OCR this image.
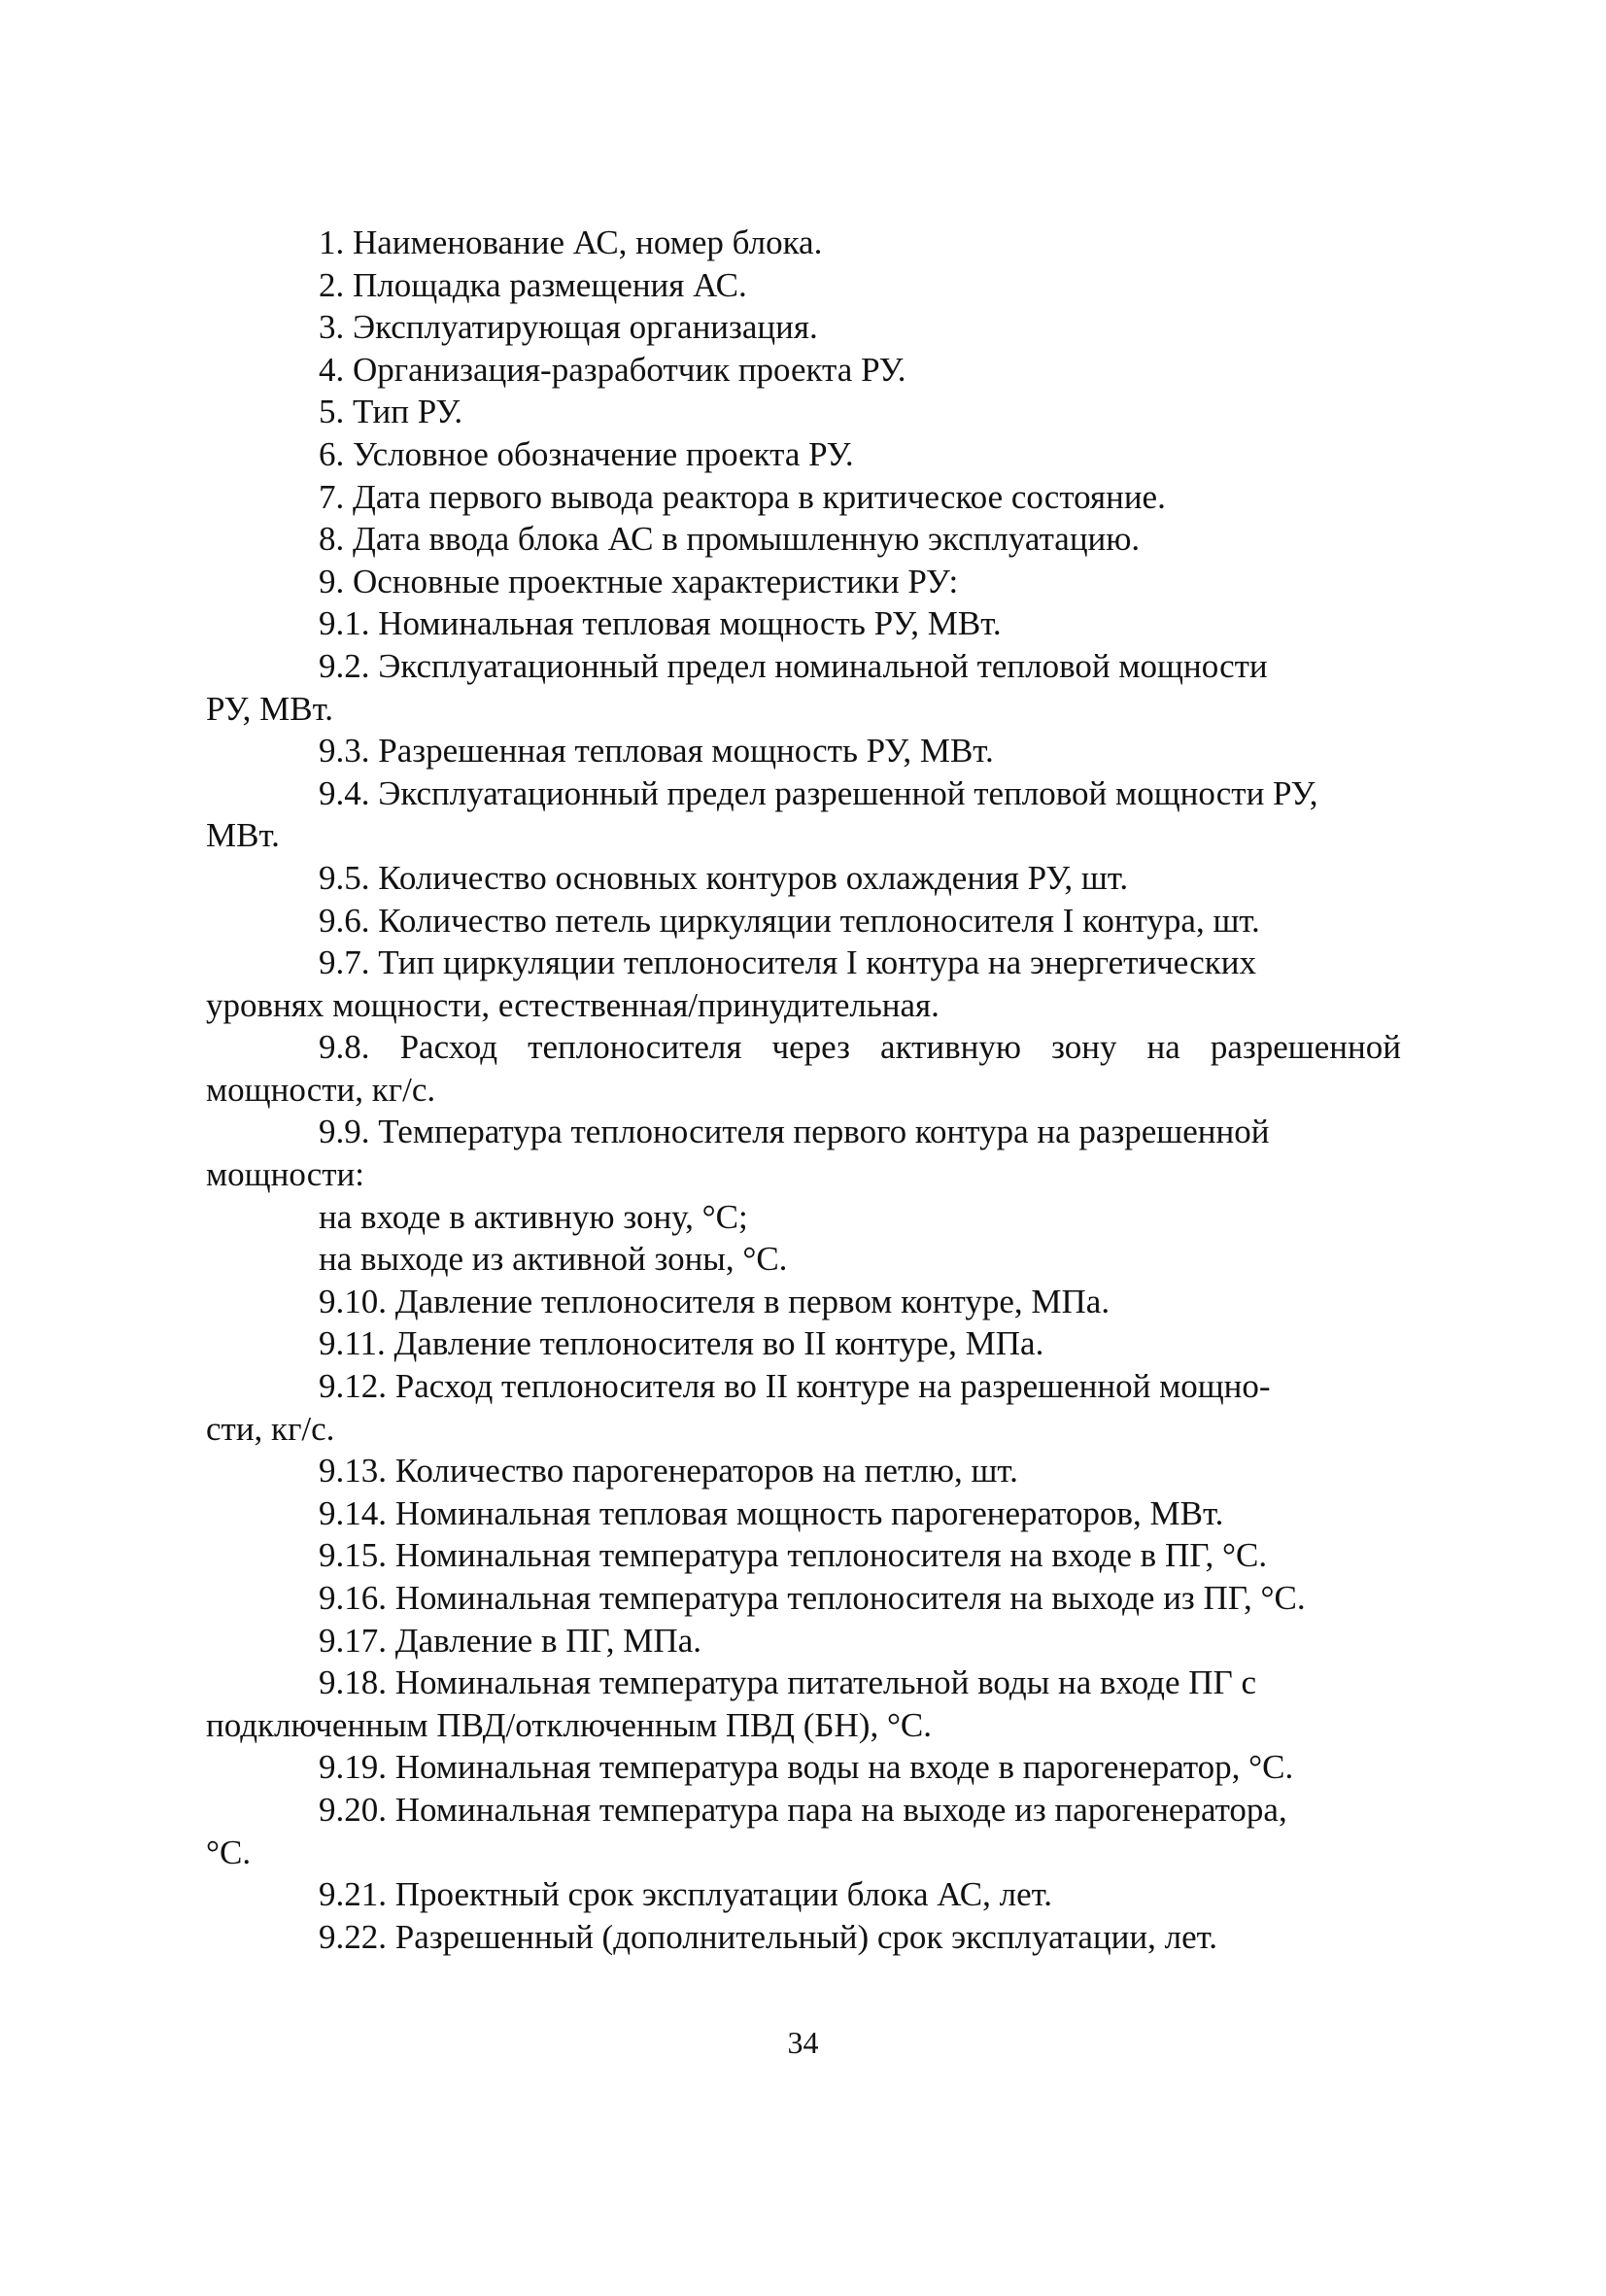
1. Наименование АС, номер блока.

2. Площадка размещения АС.

3. Эксплуатирующая организация.

4. Организация-разработчик проекта РУ.

5. Тип РУ.

6. Условное обозначение проекта РУ.

7. Дата первого вывода реактора в критическое состояние.

8. Дата ввода блока АС в промышленную эксплуатацию.

9. Основные проектные характеристики РУ:

9.1. Номинальная тепловая мощность РУ, МВт.

9.2. Эксплуатационный предел номинальной тепловой мощности

РУ, МВт.

9.3. Разрешенная тепловая мощность РУ, МВт.

9.4. Эксплуатационный предел разрешенной тепловой мощности РУ,

МВт.

9.5. Количество основных контуров охлаждения РУ, шт.

9.6. Количество петель циркуляции теплоносителя I контура, шт.

9.7. Тип циркуляции теплоносителя I контура на энергетических

уровнях мощности, естественная/принудительная.

9.8. Расход теплоносителя через активную зону на разрешенной

мощности, кг/с.

9.9. Температура теплоносителя первого контура на разрешенной

мощности:

на входе в активную зону, °С;

на выходе из активной зоны, °С.

9.10. Давление теплоносителя в первом контуре, МПа.

9.11. Давление теплоносителя во II контуре, МПа.

9.12. Расход теплоносителя во II контуре на разрешенной мощно-

сти, кг/с.

9.13. Количество парогенераторов на петлю, шт.

9.14. Номинальная тепловая мощность парогенераторов, МВт.

9.15. Номинальная температура теплоносителя на входе в ПГ, °С.

9.16. Номинальная температура теплоносителя на выходе из ПГ, °С.

9.17. Давление в ПГ, МПа.

9.18. Номинальная температура питательной воды на входе ПГ с

подключенным ПВД/отключенным ПВД (БН), °С.

9.19. Номинальная температура воды на входе в парогенератор, °С.

9.20. Номинальная температура пара на выходе из парогенератора,

°С.

9.21. Проектный срок эксплуатации блока АС, лет.

9.22. Разрешенный (дополнительный) срок эксплуатации, лет.

34
